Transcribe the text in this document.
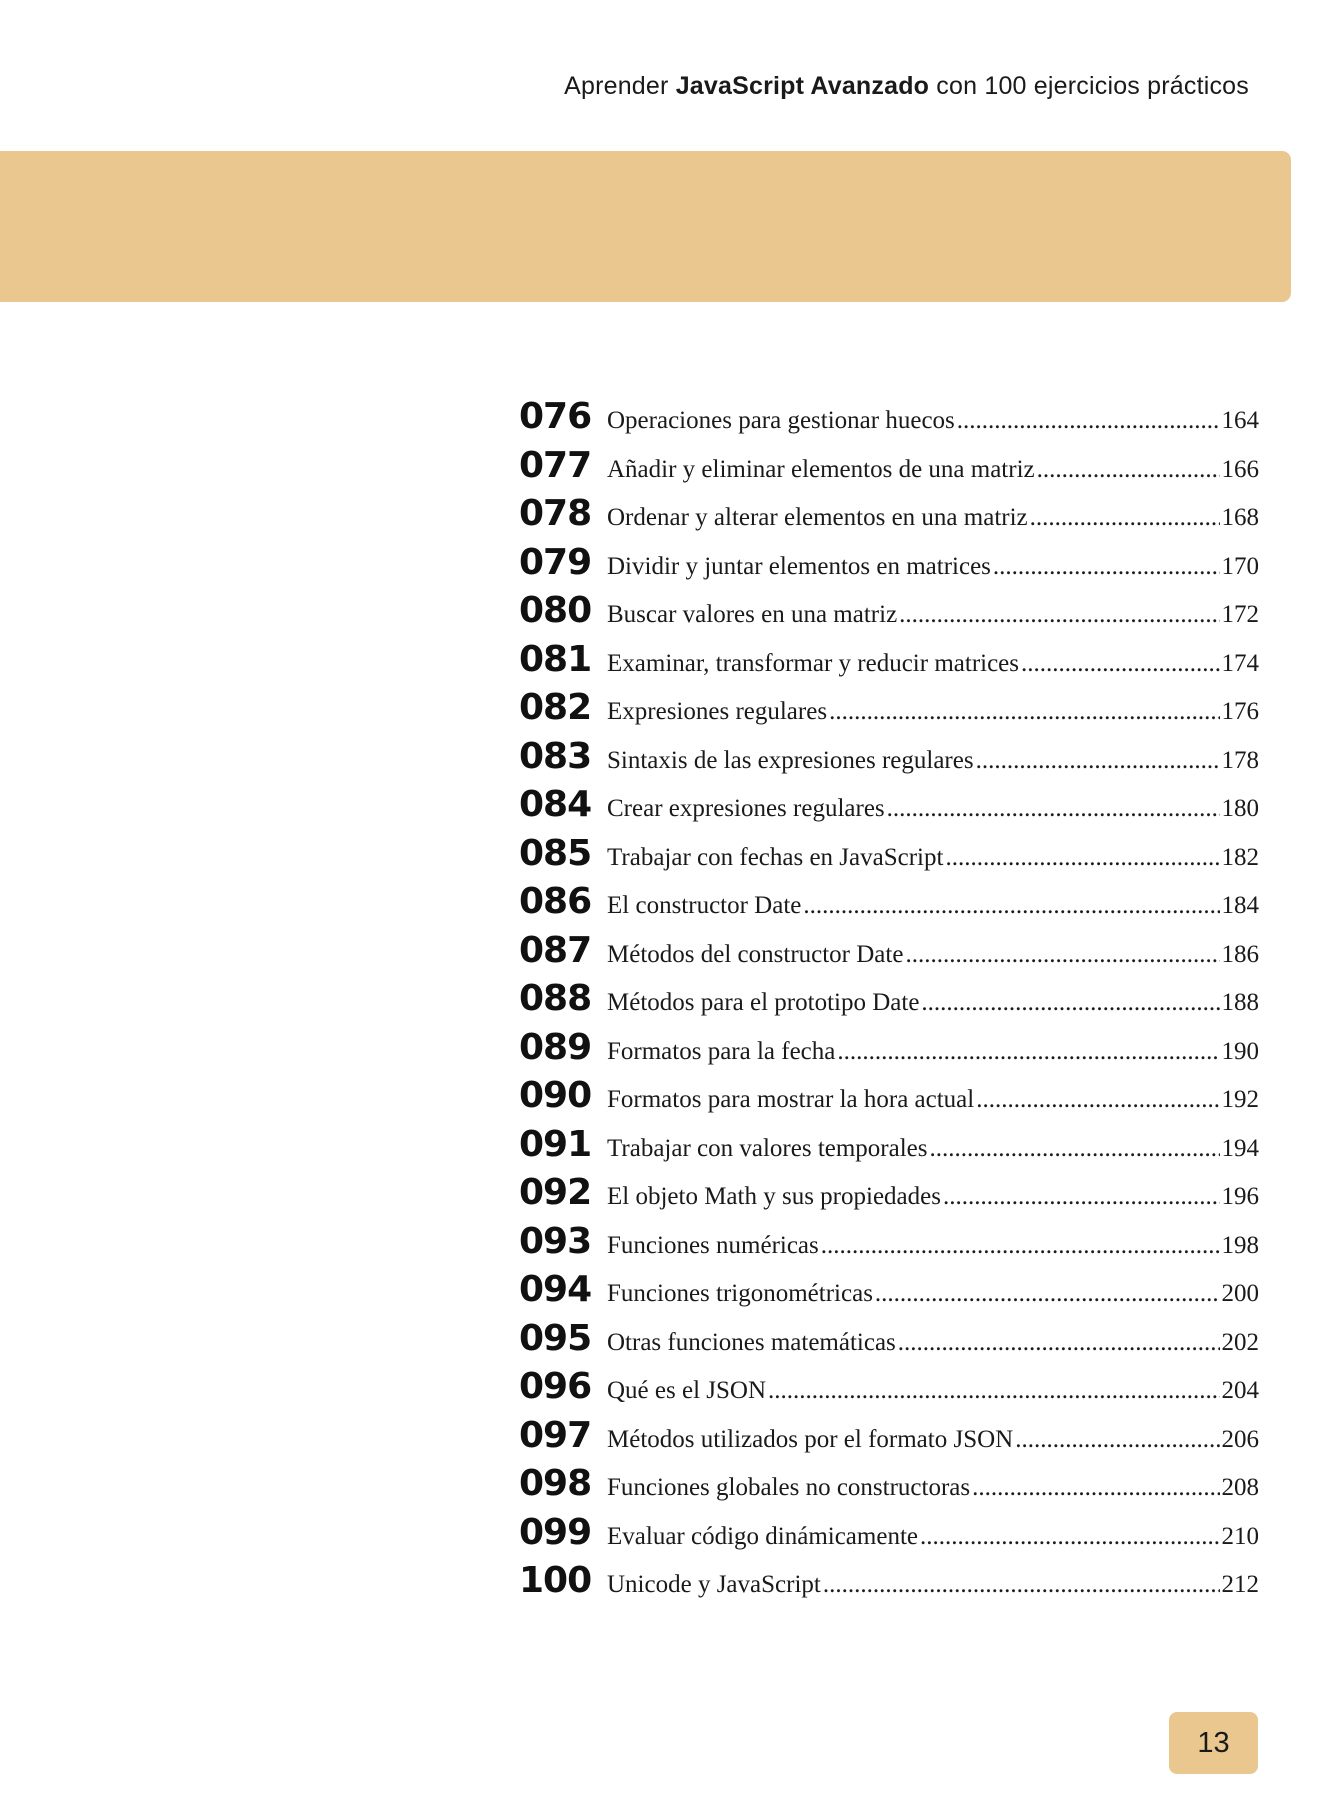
Aprender JavaScript Avanzado con 100 ejercicios prácticos
076 Operaciones para gestionar huecos .....	164
077 Añadir y eliminar elementos de una matriz .....	166
078 Ordenar y alterar elementos en una matriz .....	168
079 Dividir y juntar elementos en matrices .....	170
080 Buscar valores en una matriz .....	172
081 Examinar, transformar y reducir matrices .....	174
082 Expresiones regulares .....	176
083 Sintaxis de las expresiones regulares .....	178
084 Crear expresiones regulares .....	180
085 Trabajar con fechas en JavaScript .....	182
086 El constructor Date .....	184
087 Métodos del constructor Date .....	186
088 Métodos para el prototipo Date .....	188
089 Formatos para la fecha .....	190
090 Formatos para mostrar la hora actual .....	192
091 Trabajar con valores temporales .....	194
092 El objeto Math y sus propiedades .....	196
093 Funciones numéricas .....	198
094 Funciones trigonométricas .....	200
095 Otras funciones matemáticas .....	202
096 Qué es el JSON .....	204
097 Métodos utilizados por el formato JSON .....	206
098 Funciones globales no constructoras .....	208
099 Evaluar código dinámicamente .....	210
100 Unicode y JavaScript .....	212
13
